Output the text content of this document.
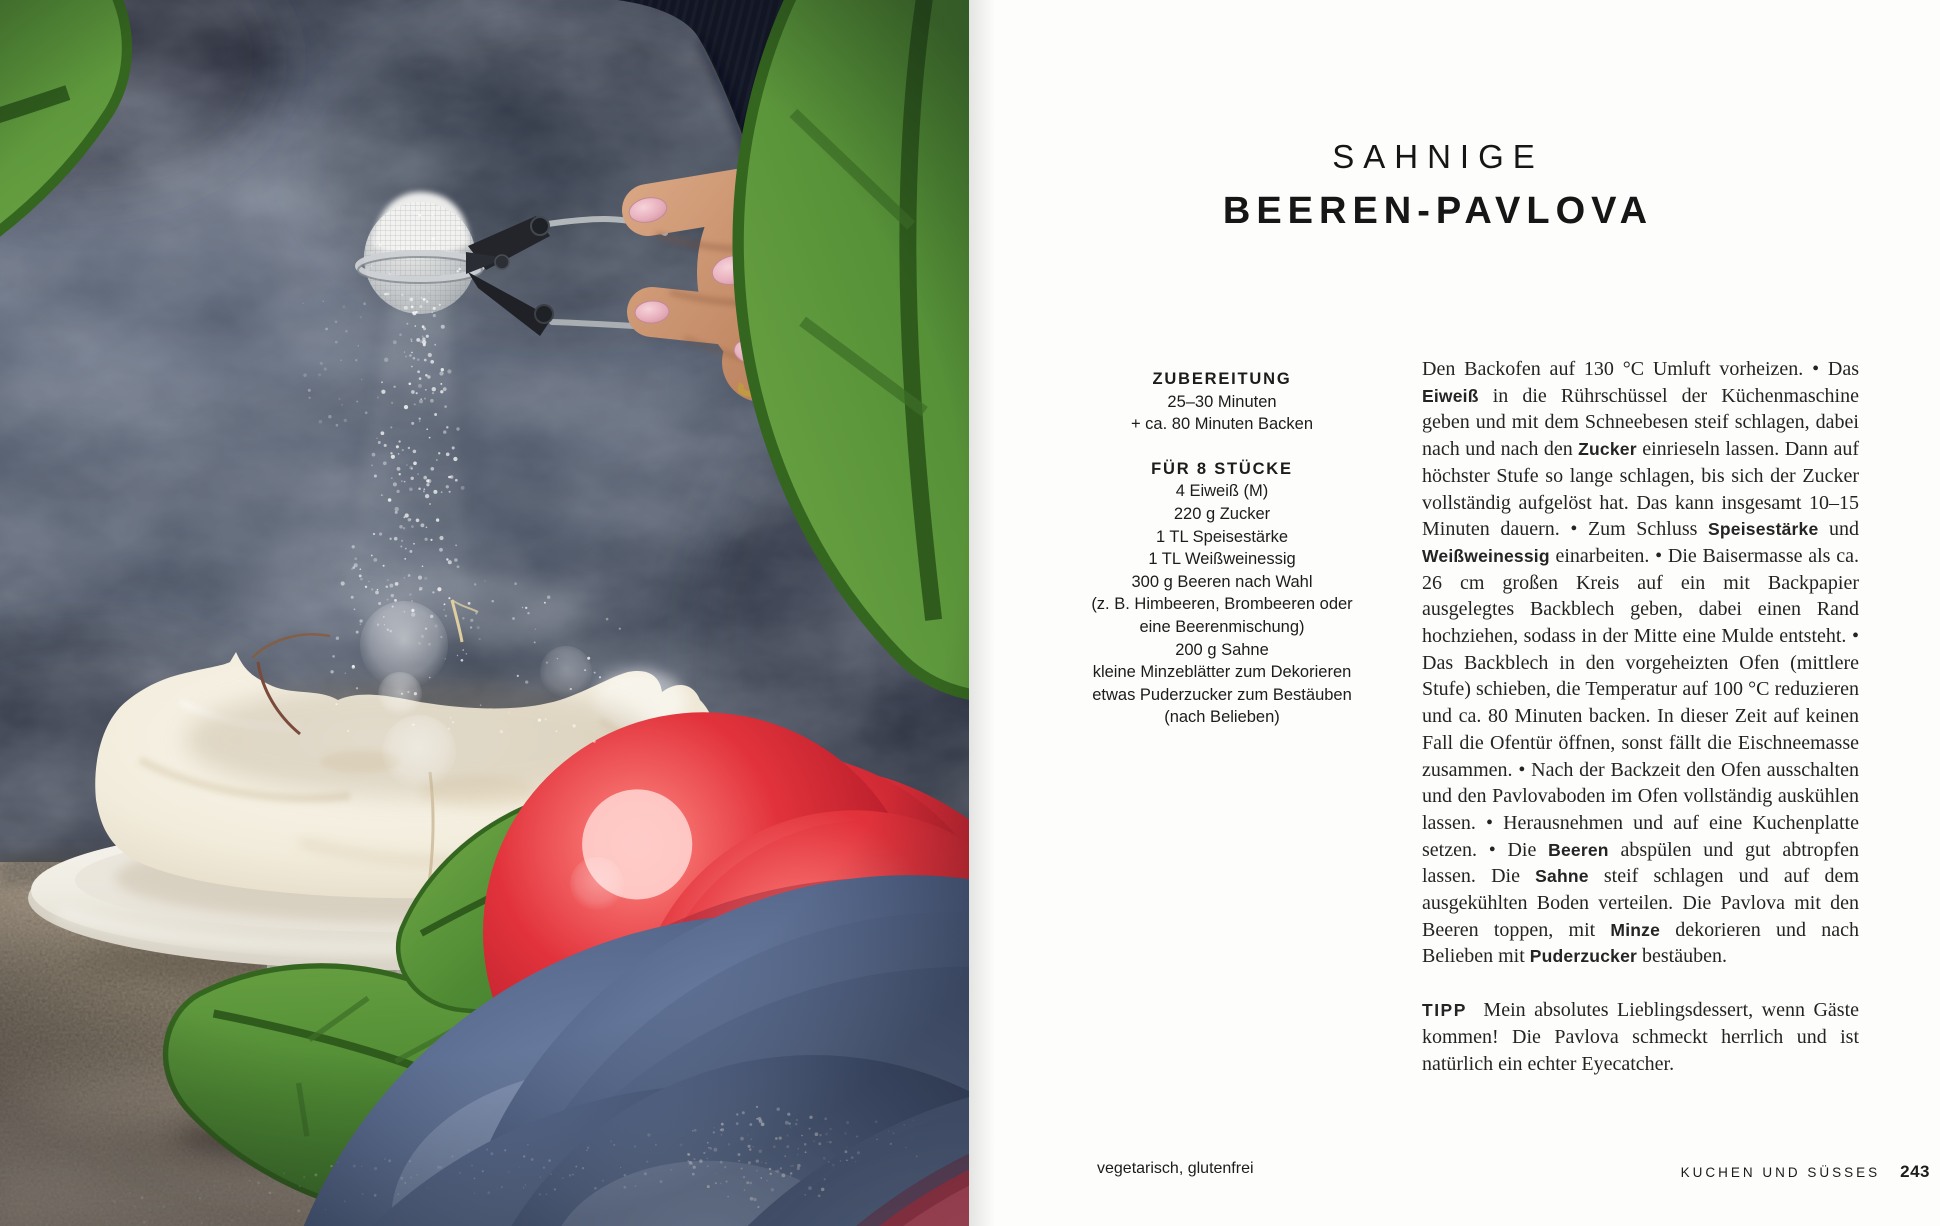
SAHNIGE
BEEREN-PAVLOVA
ZUBEREITUNG
25–30 Minuten
+ ca. 80 Minuten Backen
FÜR 8 STÜCKE
4 Eiweiß (M)
220 g Zucker
1 TL Speisestärke
1 TL Weißweinessig
300 g Beeren nach Wahl
(z. B. Himbeeren, Brombeeren oder
eine Beerenmischung)
200 g Sahne
kleine Minzeblätter zum Dekorieren
etwas Puderzucker zum Bestäuben
(nach Belieben)
Den Backofen auf 130 °C Umluft vorheizen. • Das Eiweiß in die Rührschüssel der Küchenmaschine geben und mit dem Schneebesen steif schlagen, dabei nach und nach den Zucker einrieseln lassen. Dann auf höchster Stufe so lange schlagen, bis sich der Zucker vollständig aufgelöst hat. Das kann insgesamt 10–15 Minuten dauern. • Zum Schluss Speisestärke und Weißweinessig einarbeiten. • Die Baisermasse als ca. 26 cm großen Kreis auf ein mit Backpapier ausgelegtes Backblech geben, dabei einen Rand hochziehen, sodass in der Mitte eine Mulde entsteht. • Das Backblech in den vorgeheizten Ofen (mittlere Stufe) schieben, die Temperatur auf 100 °C reduzieren und ca. 80 Minuten backen. In dieser Zeit auf keinen Fall die Ofentür öffnen, sonst fällt die Eischneemasse zusammen. • Nach der Backzeit den Ofen ausschalten und den Pavlovaboden im Ofen vollständig auskühlen lassen. • Herausnehmen und auf eine Kuchenplatte setzen. • Die Beeren abspülen und gut abtropfen lassen. Die Sahne steif schlagen und auf dem ausgekühlten Boden verteilen. Die Pavlova mit den Beeren toppen, mit Minze dekorieren und nach Belieben mit Puderzucker bestäuben.

TIPP Mein absolutes Lieblingsdessert, wenn Gäste kommen! Die Pavlova schmeckt herrlich und ist natürlich ein echter Eyecatcher.

vegetarisch, glutenfrei	KUCHEN UND SÜSSES 243
